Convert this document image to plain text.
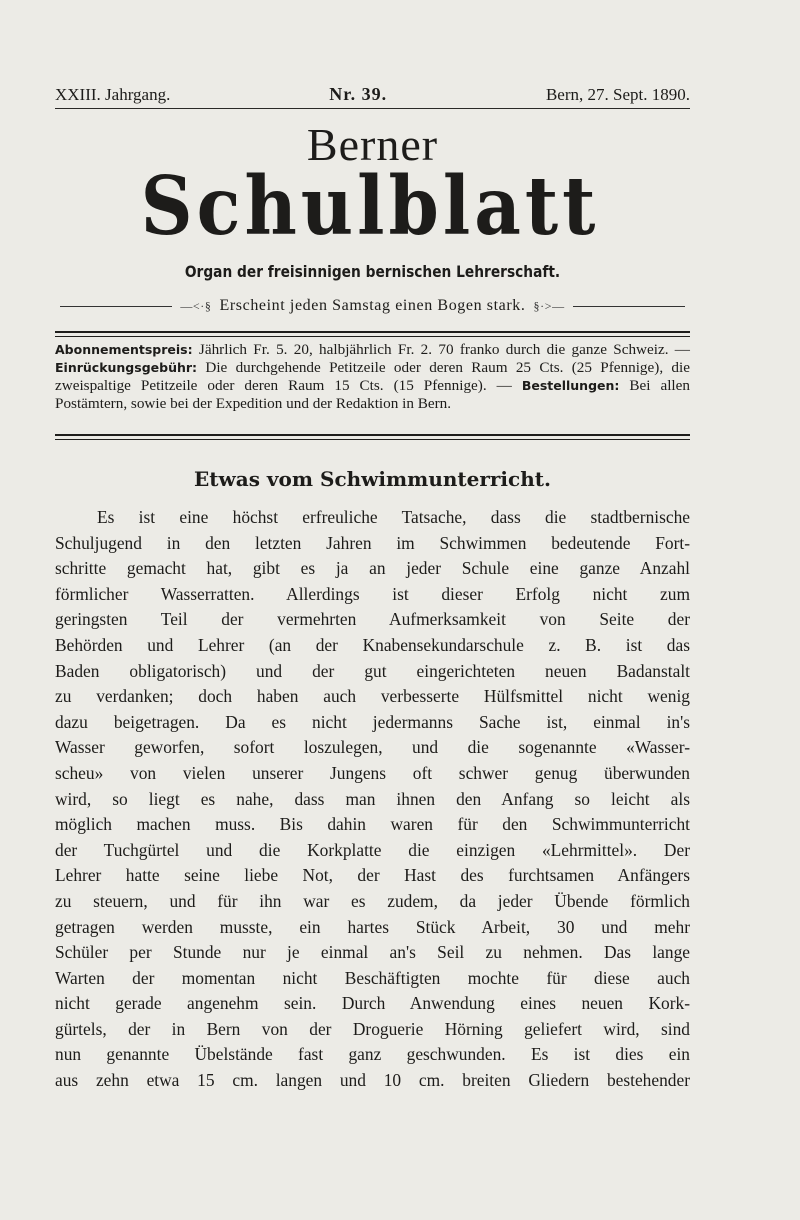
XXIII. Jahrgang.	Nr. 39.	Bern, 27. Sept. 1890.
Berner
Schulblatt
Organ der freisinnigen bernischen Lehrerschaft.
—<·§ Erscheint jeden Samstag einen Bogen stark. §·>—
Abonnementspreis: Jährlich Fr. 5. 20, halbjährlich Fr. 2. 70 franko durch die ganze Schweiz. — Einrückungsgebühr: Die durchgehende Petitzeile oder deren Raum 25 Cts. (25 Pfennige), die zweispaltige Petitzeile oder deren Raum 15 Cts. (15 Pfennige). — Bestellungen: Bei allen Postämtern, sowie bei der Expedition und der Redaktion in Bern.
Etwas vom Schwimmunterricht.
Es ist eine höchst erfreuliche Tatsache, dass die stadtbernische
Schuljugend in den letzten Jahren im Schwimmen bedeutende Fort-
schritte gemacht hat, gibt es ja an jeder Schule eine ganze Anzahl
förmlicher Wasserratten. Allerdings ist dieser Erfolg nicht zum
geringsten Teil der vermehrten Aufmerksamkeit von Seite der
Behörden und Lehrer (an der Knabensekundarschule z. B. ist das
Baden obligatorisch) und der gut eingerichteten neuen Badanstalt
zu verdanken; doch haben auch verbesserte Hülfsmittel nicht wenig
dazu beigetragen. Da es nicht jedermanns Sache ist, einmal in's
Wasser geworfen, sofort loszulegen, und die sogenannte «Wasser-
scheu» von vielen unserer Jungens oft schwer genug überwunden
wird, so liegt es nahe, dass man ihnen den Anfang so leicht als
möglich machen muss. Bis dahin waren für den Schwimmunterricht
der Tuchgürtel und die Korkplatte die einzigen «Lehrmittel». Der
Lehrer hatte seine liebe Not, der Hast des furchtsamen Anfängers
zu steuern, und für ihn war es zudem, da jeder Übende förmlich
getragen werden musste, ein hartes Stück Arbeit, 30 und mehr
Schüler per Stunde nur je einmal an's Seil zu nehmen. Das lange
Warten der momentan nicht Beschäftigten mochte für diese auch
nicht gerade angenehm sein. Durch Anwendung eines neuen Kork-
gürtels, der in Bern von der Droguerie Hörning geliefert wird, sind
nun genannte Übelstände fast ganz geschwunden. Es ist dies ein
aus zehn etwa 15 cm. langen und 10 cm. breiten Gliedern bestehender
